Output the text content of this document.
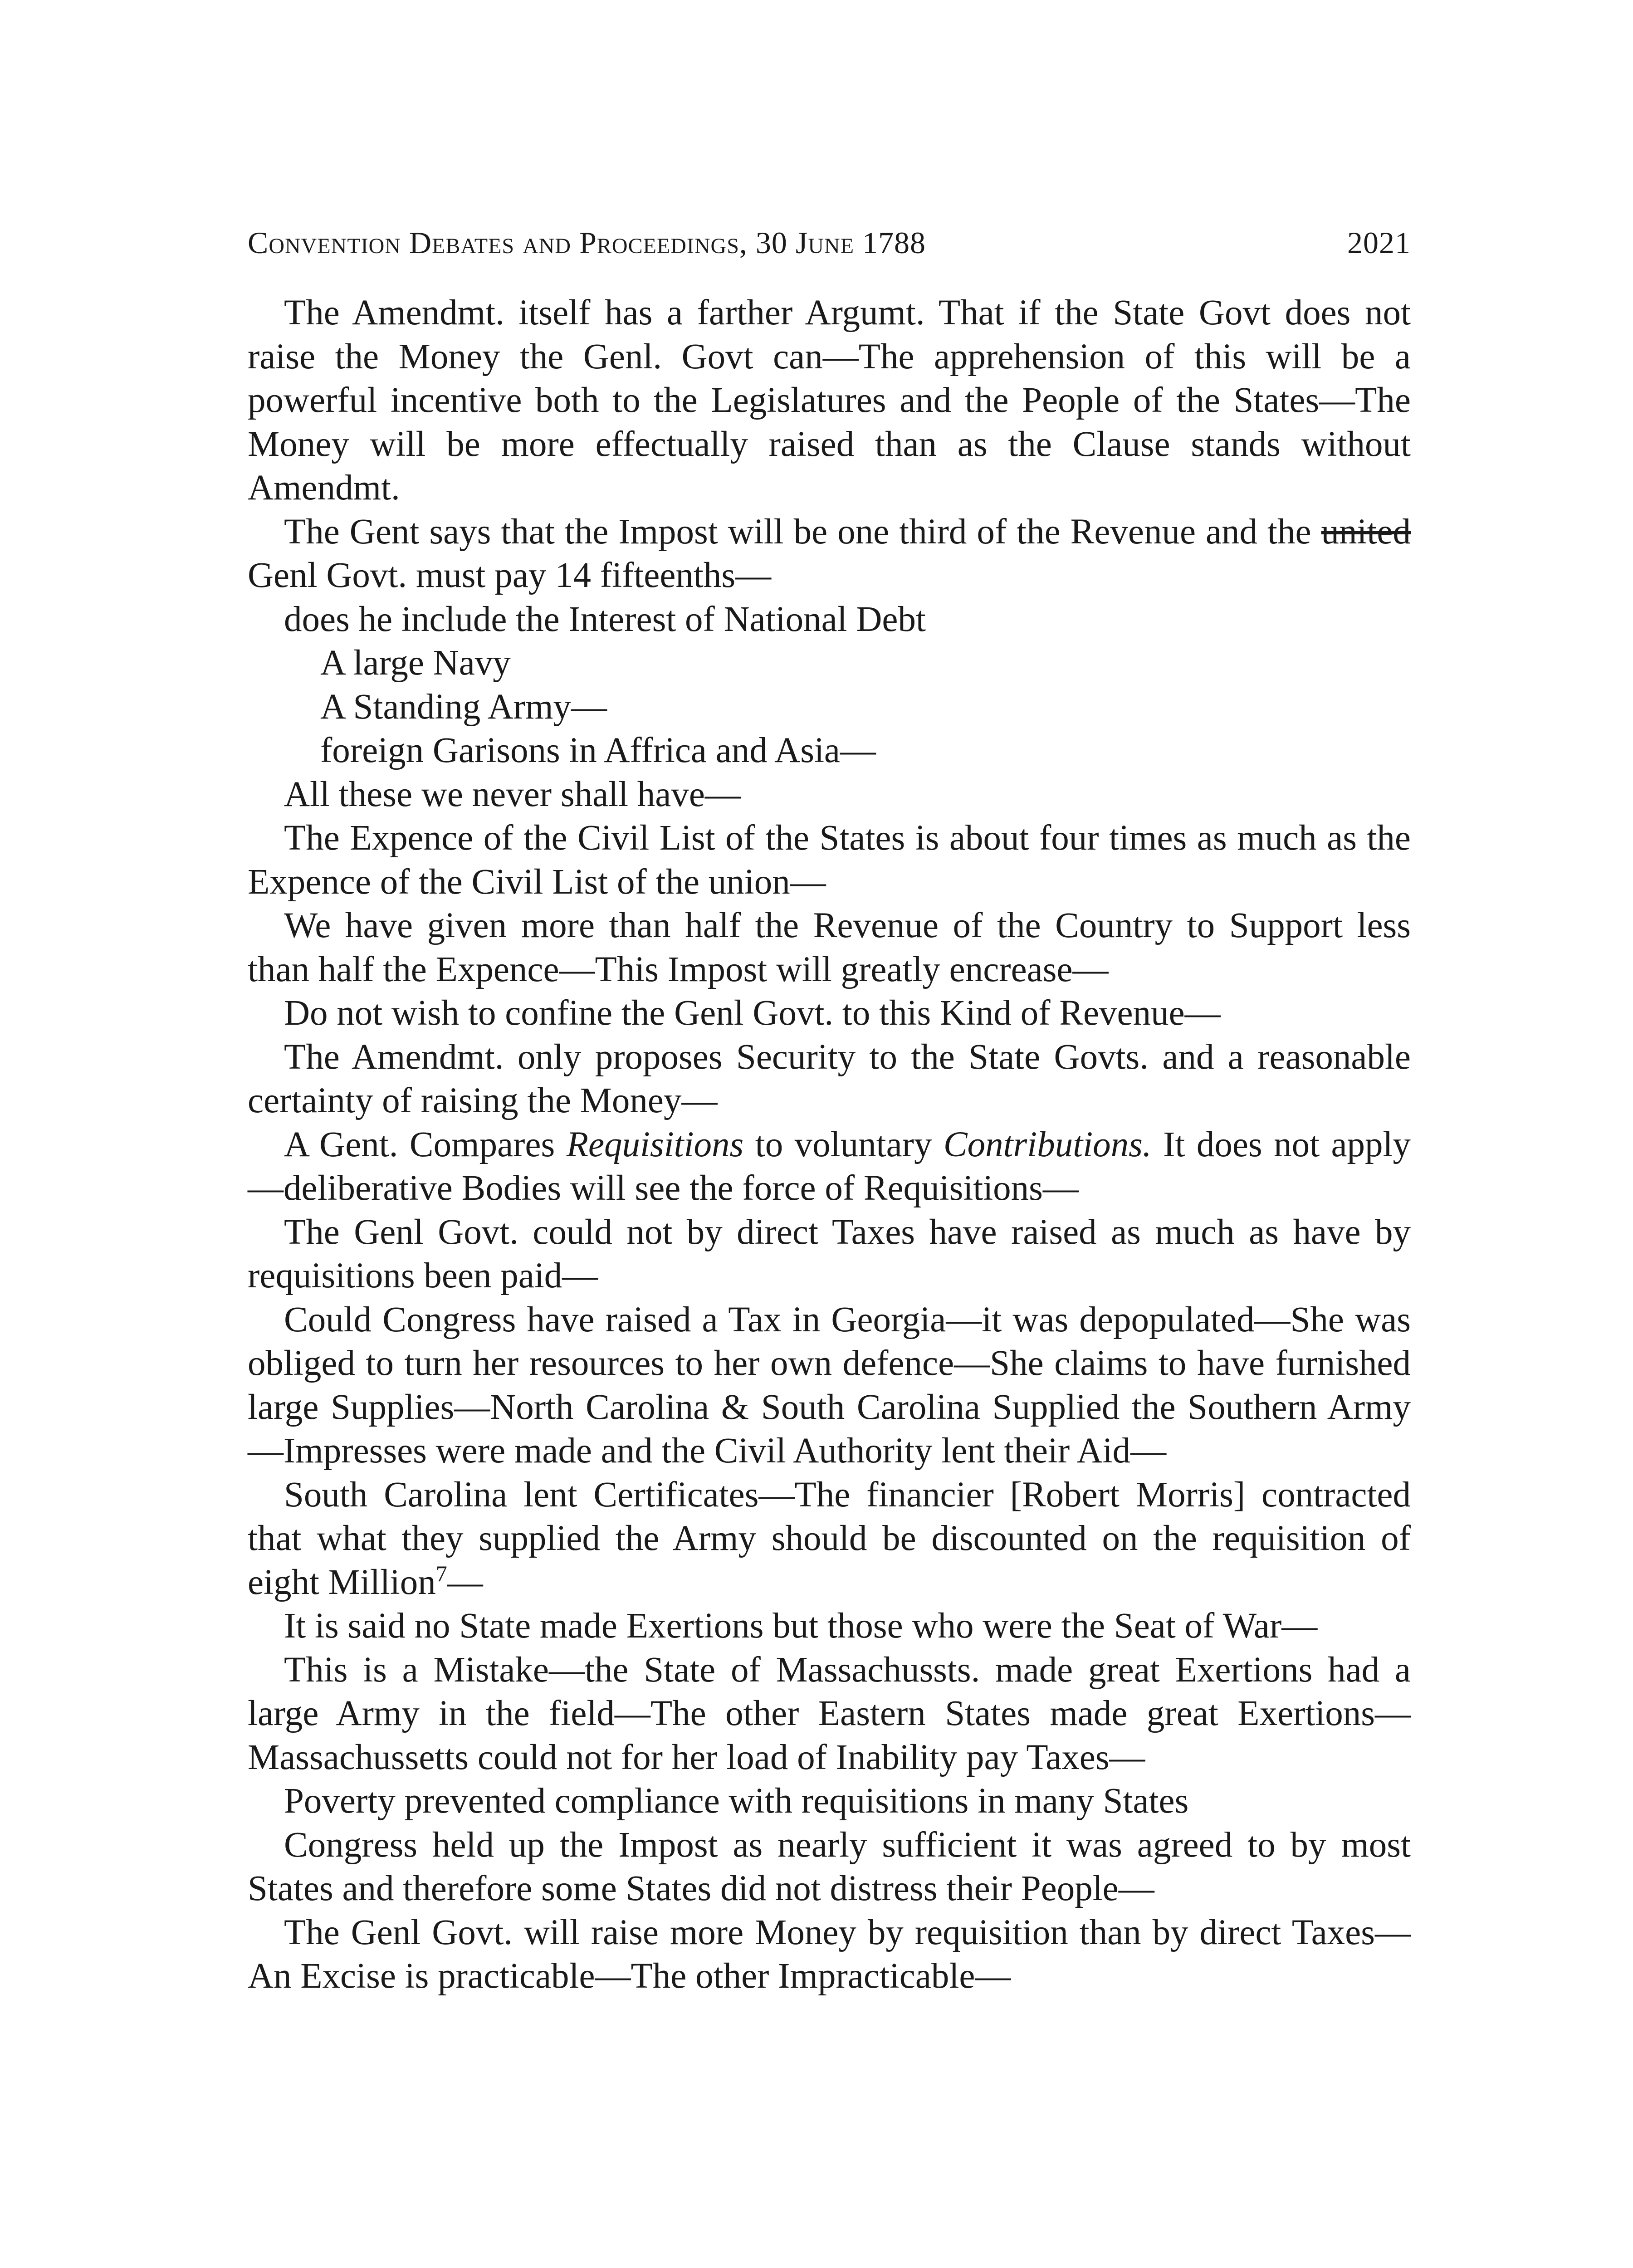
Convention Debates and Proceedings, 30 June 1788	2021

The Amendmt. itself has a farther Argumt. That if the State Govt does not raise the Money the Genl. Govt can—The apprehension of this will be a powerful incentive both to the Legislatures and the People of the States—The Money will be more effectually raised than as the Clause stands without Amendmt.

The Gent says that the Impost will be one third of the Revenue and the united Genl Govt. must pay 14 fifteenths—

does he include the Interest of National Debt

A large Navy

A Standing Army—

foreign Garisons in Affrica and Asia—

All these we never shall have—

The Expence of the Civil List of the States is about four times as much as the Expence of the Civil List of the union—

We have given more than half the Revenue of the Country to Support less than half the Expence—This Impost will greatly encrease—

Do not wish to confine the Genl Govt. to this Kind of Revenue—

The Amendmt. only proposes Security to the State Govts. and a reasonable certainty of raising the Money—

A Gent. Compares Requisitions to voluntary Contributions. It does not apply—deliberative Bodies will see the force of Requisitions—

The Genl Govt. could not by direct Taxes have raised as much as have by requisitions been paid—

Could Congress have raised a Tax in Georgia—it was depopulated—She was obliged to turn her resources to her own defence—She claims to have furnished large Supplies—North Carolina & South Carolina Supplied the Southern Army—Impresses were made and the Civil Authority lent their Aid—

South Carolina lent Certificates—The financier [Robert Morris] contracted that what they supplied the Army should be discounted on the requisition of eight Million$^7$—

It is said no State made Exertions but those who were the Seat of War—

This is a Mistake—the State of Massachussts. made great Exertions had a large Army in the field—The other Eastern States made great Exertions—Massachussetts could not for her load of Inability pay Taxes—

Poverty prevented compliance with requisitions in many States

Congress held up the Impost as nearly sufficient it was agreed to by most States and therefore some States did not distress their People—

The Genl Govt. will raise more Money by requisition than by direct Taxes—An Excise is practicable—The other Impracticable—
